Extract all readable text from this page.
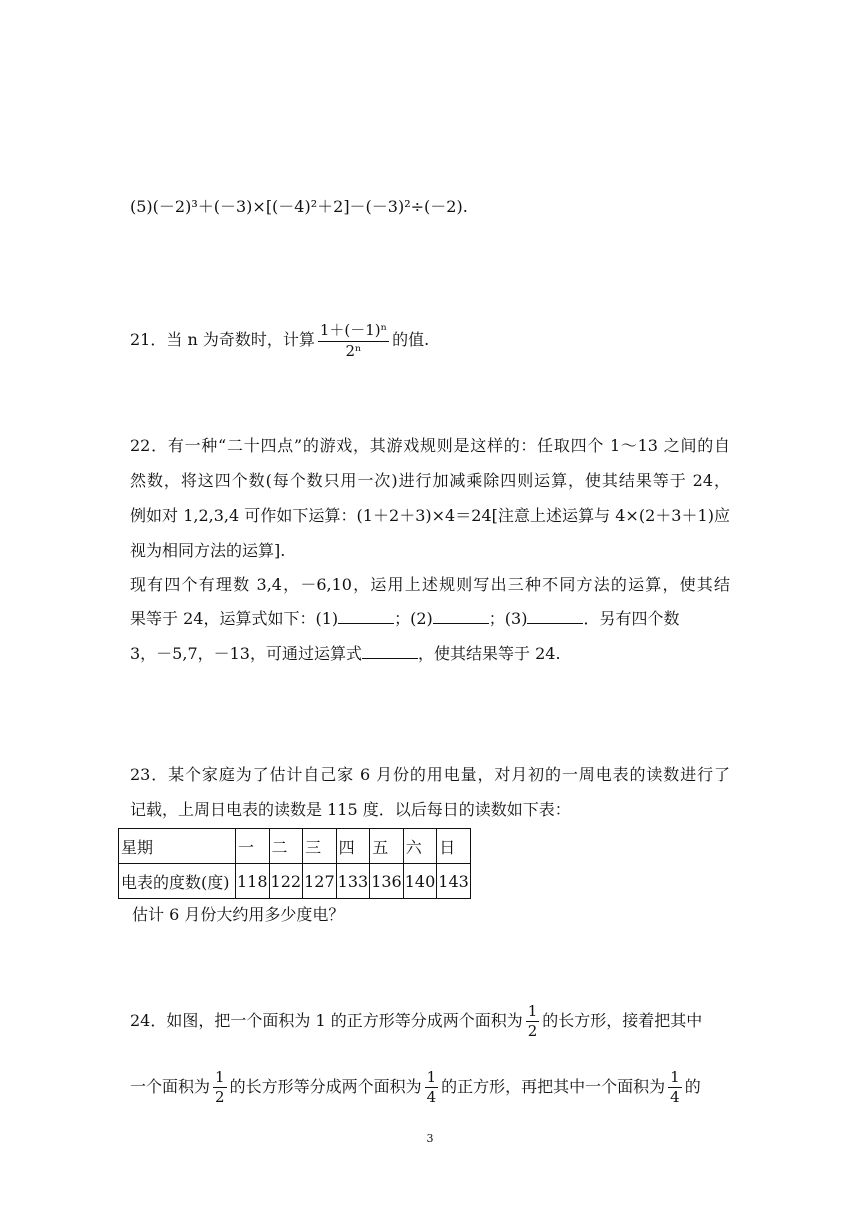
(5)(－2)³＋(－3)×[(－4)²＋2]－(－3)²÷(－2).
21．当 n 为奇数时，计算 $\frac{\text{1＋(－1)ⁿ}}{\text{2ⁿ}}$ 的值.
22．有一种“二十四点”的游戏，其游戏规则是这样的：任取四个 1～13 之间的自
然数，将这四个数(每个数只用一次)进行加减乘除四则运算，使其结果等于 24，
例如对 1,2,3,4 可作如下运算：(1＋2＋3)×4＝24[注意上述运算与 4×(2＋3＋1)应
视为相同方法的运算].
现有四个有理数 3,4，－6,10，运用上述规则写出三种不同方法的运算，使其结
果等于 24，运算式如下：(1)	；(2)	；(3)	．另有四个数
3，－5,7，－13，可通过运算式	，使其结果等于 24.
23．某个家庭为了估计自己家 6 月份的用电量，对月初的一周电表的读数进行了
记载，上周日电表的读数是 115 度．以后每日的读数如下表：
星期	一	二	三	四	五	六	日
电表的度数(度)	118	122	127	133	136	140	143
估计 6 月份大约用多少度电？
24．如图，把一个面积为 1 的正方形等分成两个面积为 $\frac{1}{2}$ 的长方形，接着把其中
一个面积为 $\frac{1}{2}$ 的长方形等分成两个面积为 $\frac{1}{4}$ 的正方形，再把其中一个面积为 $\frac{1}{4}$ 的
3
